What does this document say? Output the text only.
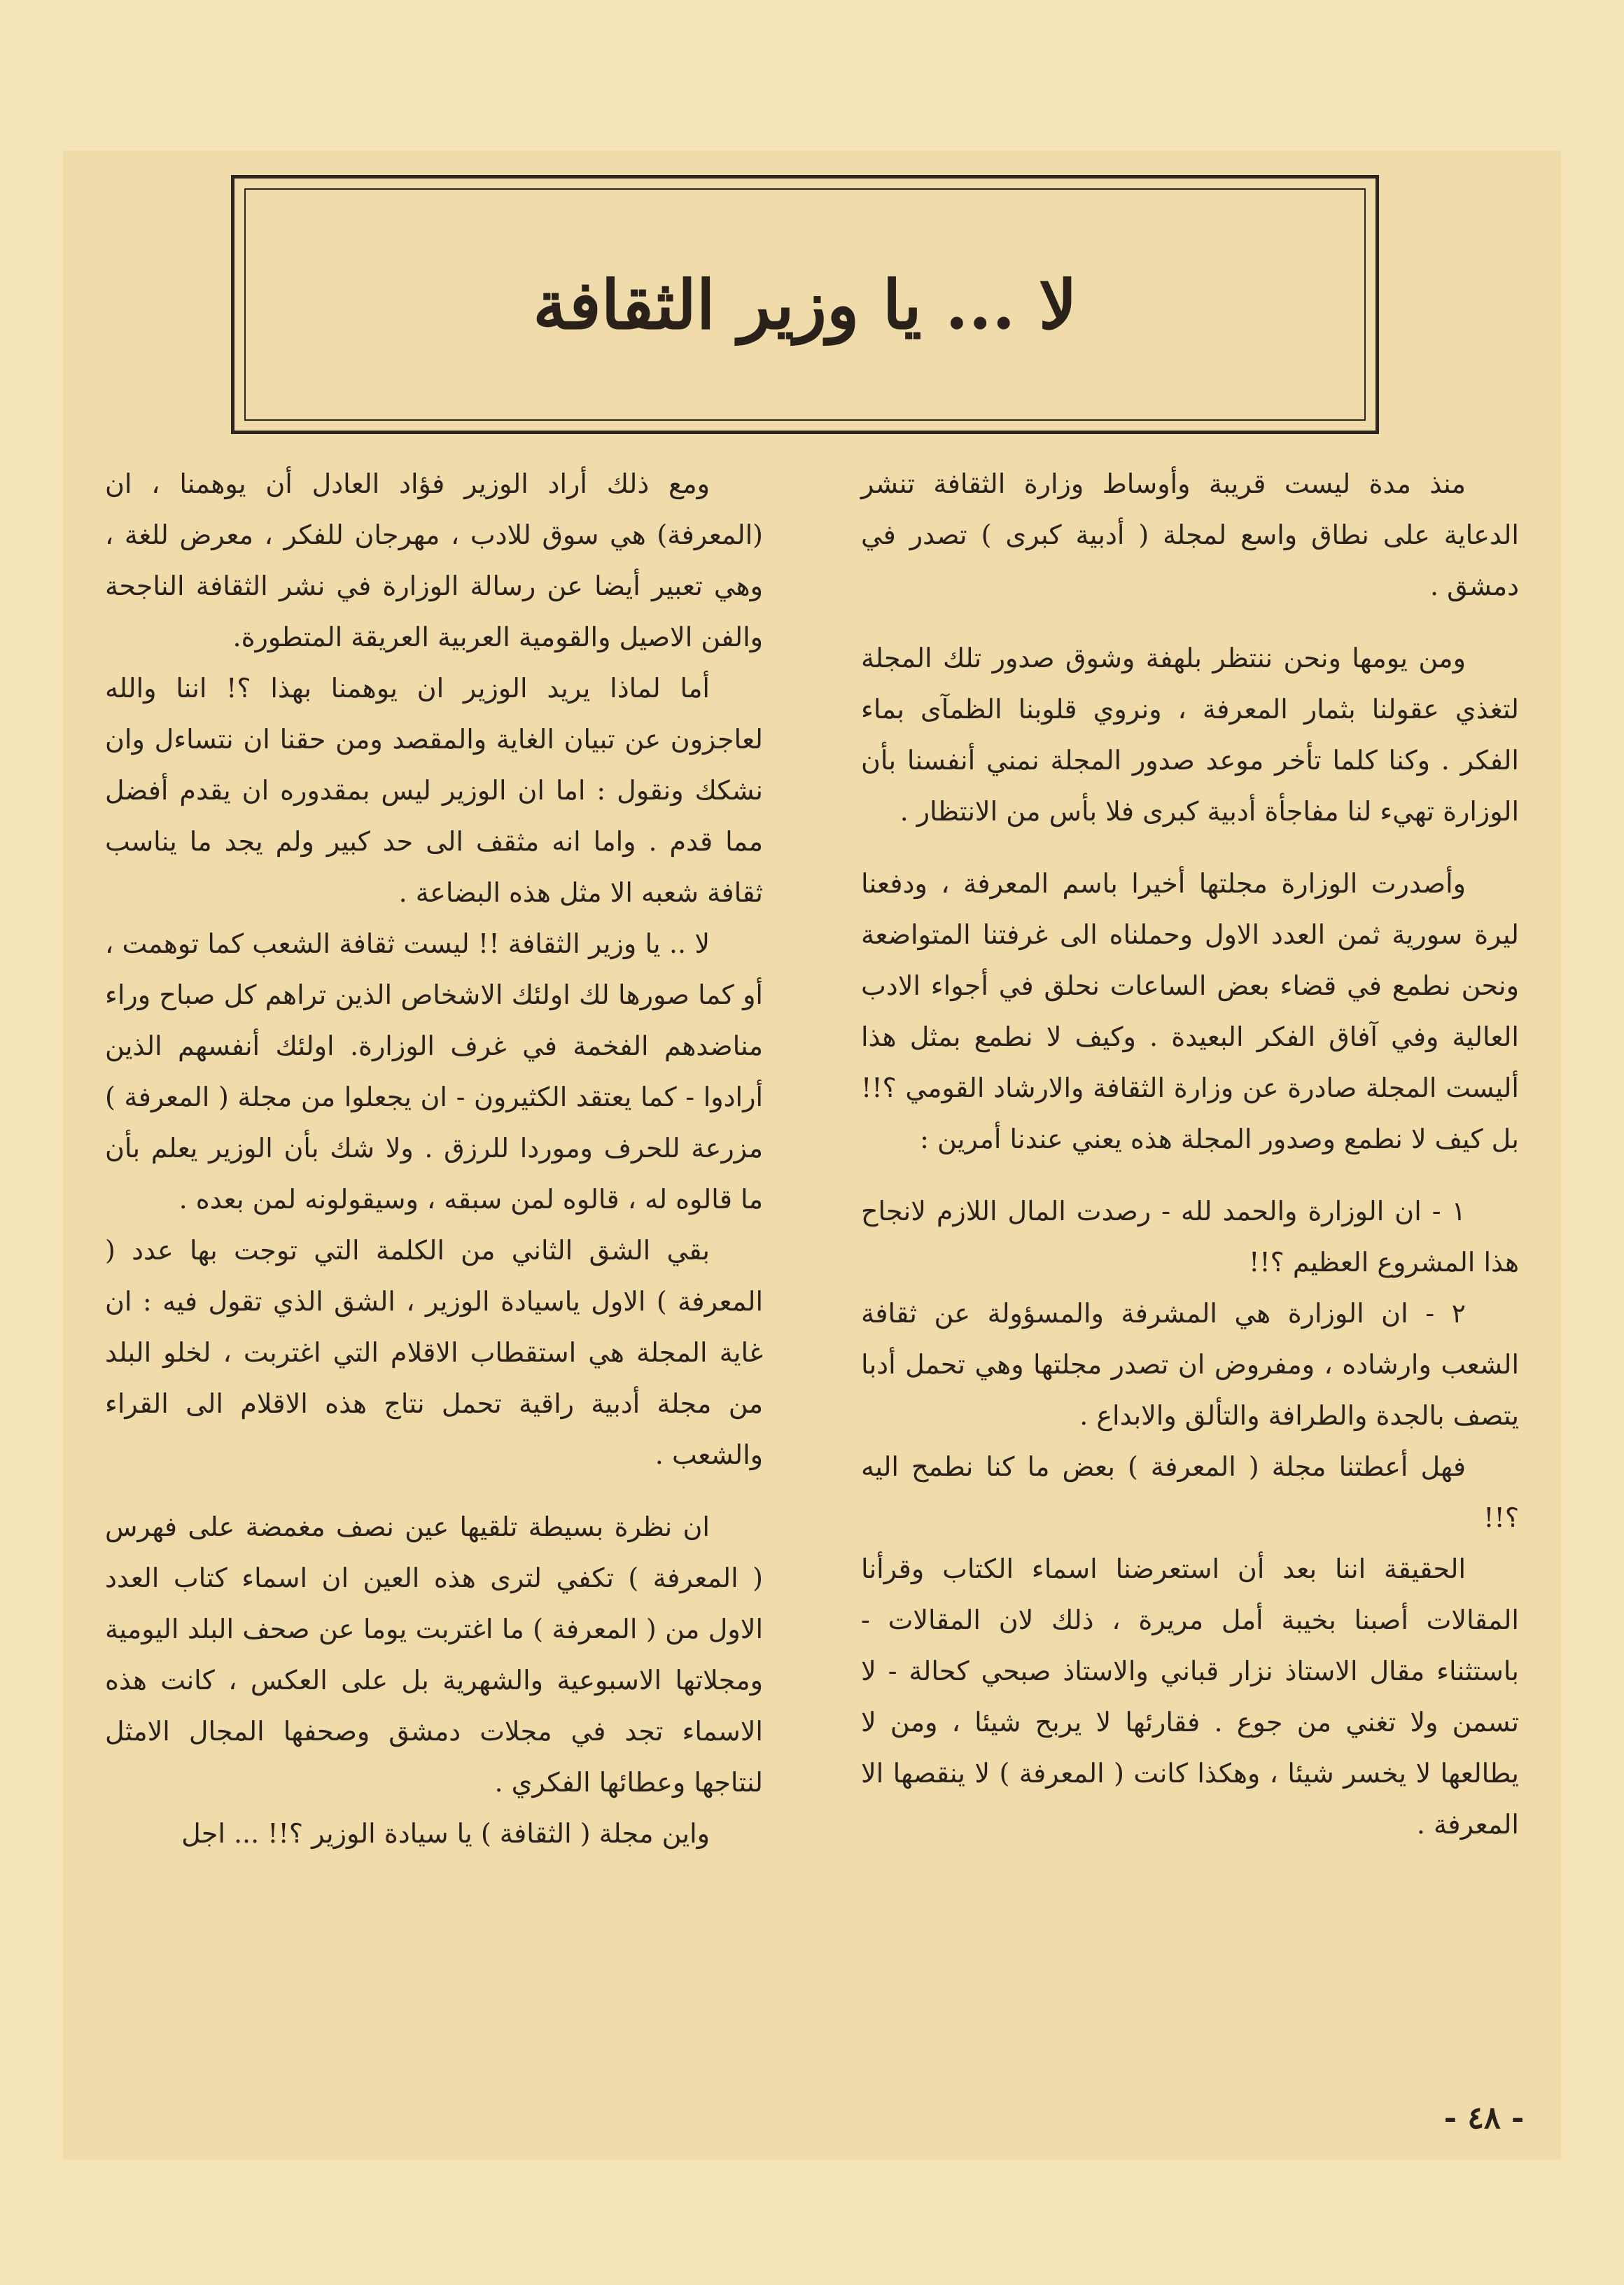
لا ... يا وزير الثقافة

منذ مدة ليست قريبة وأوساط وزارة الثقافة تنشر الدعاية على نطاق واسع لمجلة ( أدبية كبرى ) تصدر في دمشق .

ومن يومها ونحن ننتظر بلهفة وشوق صدور تلك المجلة لتغذي عقولنا بثمار المعرفة ، ونروي قلوبنا الظمآى بماء الفكر . وكنا كلما تأخر موعد صدور المجلة نمني أنفسنا بأن الوزارة تهيء لنا مفاجأة أدبية كبرى فلا بأس من الانتظار .

وأصدرت الوزارة مجلتها أخيرا باسم المعرفة ، ودفعنا ليرة سورية ثمن العدد الاول وحملناه الى غرفتنا المتواضعة ونحن نطمع في قضاء بعض الساعات نحلق في أجواء الادب العالية وفي آفاق الفكر البعيدة . وكيف لا نطمع بمثل هذا أليست المجلة صادرة عن وزارة الثقافة والارشاد القومي ؟!! بل كيف لا نطمع وصدور المجلة هذه يعني عندنا أمرين :

١ - ان الوزارة والحمد لله - رصدت المال اللازم لانجاح هذا المشروع العظيم ؟!!

٢ - ان الوزارة هي المشرفة والمسؤولة عن ثقافة الشعب وارشاده ، ومفروض ان تصدر مجلتها وهي تحمل أدبا يتصف بالجدة والطرافة والتألق والابداع .

فهل أعطتنا مجلة ( المعرفة ) بعض ما كنا نطمح اليه ؟!!

الحقيقة اننا بعد أن استعرضنا اسماء الكتاب وقرأنا المقالات أصبنا بخيبة أمل مريرة ، ذلك لان المقالات - باستثناء مقال الاستاذ نزار قباني والاستاذ صبحي كحالة - لا تسمن ولا تغني من جوع . فقارئها لا يربح شيئا ، ومن لا يطالعها لا يخسر شيئا ، وهكذا كانت ( المعرفة ) لا ينقصها الا المعرفة .

ومع ذلك أراد الوزير فؤاد العادل أن يوهمنا ، ان (المعرفة) هي سوق للادب ، مهرجان للفكر ، معرض للغة ، وهي تعبير أيضا عن رسالة الوزارة في نشر الثقافة الناجحة والفن الاصيل والقومية العربية العريقة المتطورة.

أما لماذا يريد الوزير ان يوهمنا بهذا ؟! اننا والله لعاجزون عن تبيان الغاية والمقصد ومن حقنا ان نتساءل وان نشكك ونقول : اما ان الوزير ليس بمقدوره ان يقدم أفضل مما قدم . واما انه مثقف الى حد كبير ولم يجد ما يناسب ثقافة شعبه الا مثل هذه البضاعة .

لا .. يا وزير الثقافة !! ليست ثقافة الشعب كما توهمت ، أو كما صورها لك اولئك الاشخاص الذين تراهم كل صباح وراء مناضدهم الفخمة في غرف الوزارة. اولئك أنفسهم الذين أرادوا - كما يعتقد الكثيرون - ان يجعلوا من مجلة ( المعرفة ) مزرعة للحرف وموردا للرزق . ولا شك بأن الوزير يعلم بأن ما قالوه له ، قالوه لمن سبقه ، وسيقولونه لمن بعده .

بقي الشق الثاني من الكلمة التي توجت بها عدد ( المعرفة ) الاول ياسيادة الوزير ، الشق الذي تقول فيه : ان غاية المجلة هي استقطاب الاقلام التي اغتربت ، لخلو البلد من مجلة أدبية راقية تحمل نتاج هذه الاقلام الى القراء والشعب .

ان نظرة بسيطة تلقيها عين نصف مغمضة على فهرس ( المعرفة ) تكفي لترى هذه العين ان اسماء كتاب العدد الاول من ( المعرفة ) ما اغتربت يوما عن صحف البلد اليومية ومجلاتها الاسبوعية والشهرية بل على العكس ، كانت هذه الاسماء تجد في مجلات دمشق وصحفها المجال الامثل لنتاجها وعطائها الفكري .

واين مجلة ( الثقافة ) يا سيادة الوزير ؟!! ... اجل

- ٤٨ -
